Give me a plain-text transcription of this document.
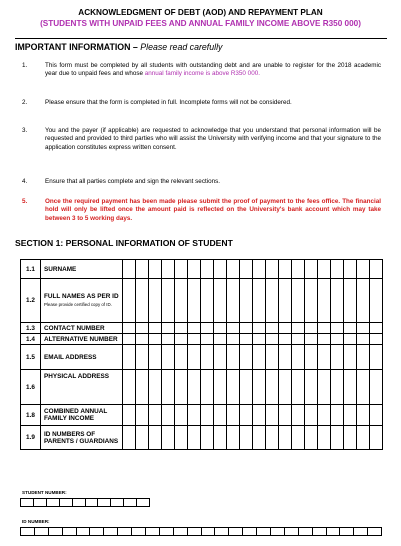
ACKNOWLEDGMENT OF DEBT (AOD) AND REPAYMENT PLAN
(STUDENTS WITH UNPAID FEES AND ANNUAL FAMILY INCOME ABOVE R350 000)
IMPORTANT INFORMATION – Please read carefully
1.	This form must be completed by all students with outstanding debt and are unable to register for the 2018 academic year due to unpaid fees and whose annual family income is above R350 000.
2.	Please ensure that the form is completed in full. Incomplete forms will not be considered.
3.	You and the payer (if applicable) are requested to acknowledge that you understand that personal information will be requested and provided to third parties who will assist the University with verifying income and that your signature to the application constitutes express written consent.
4.	Ensure that all parties complete and sign the relevant sections.
5.	Once the required payment has been made please submit the proof of payment to the fees office. The financial hold will only be lifted once the amount paid is reflected on the University's bank account which may take between 3 to 5 working days.
SECTION 1: PERSONAL INFORMATION OF STUDENT
1.1	SURNAME																				
1.2	FULL NAMES AS PER ID
Please provide certified copy of ID.																				

1.3	CONTACT NUMBER																				
1.4	ALTERNATIVE NUMBER																				
1.5	EMAIL ADDRESS																				
1.6	PHYSICAL ADDRESS																				
1.8	COMBINED ANNUAL FAMILY INCOME																				
1.9	ID NUMBERS OF PARENTS / GUARDIANS																				
STUDENT NUMBER:
ID NUMBER:
